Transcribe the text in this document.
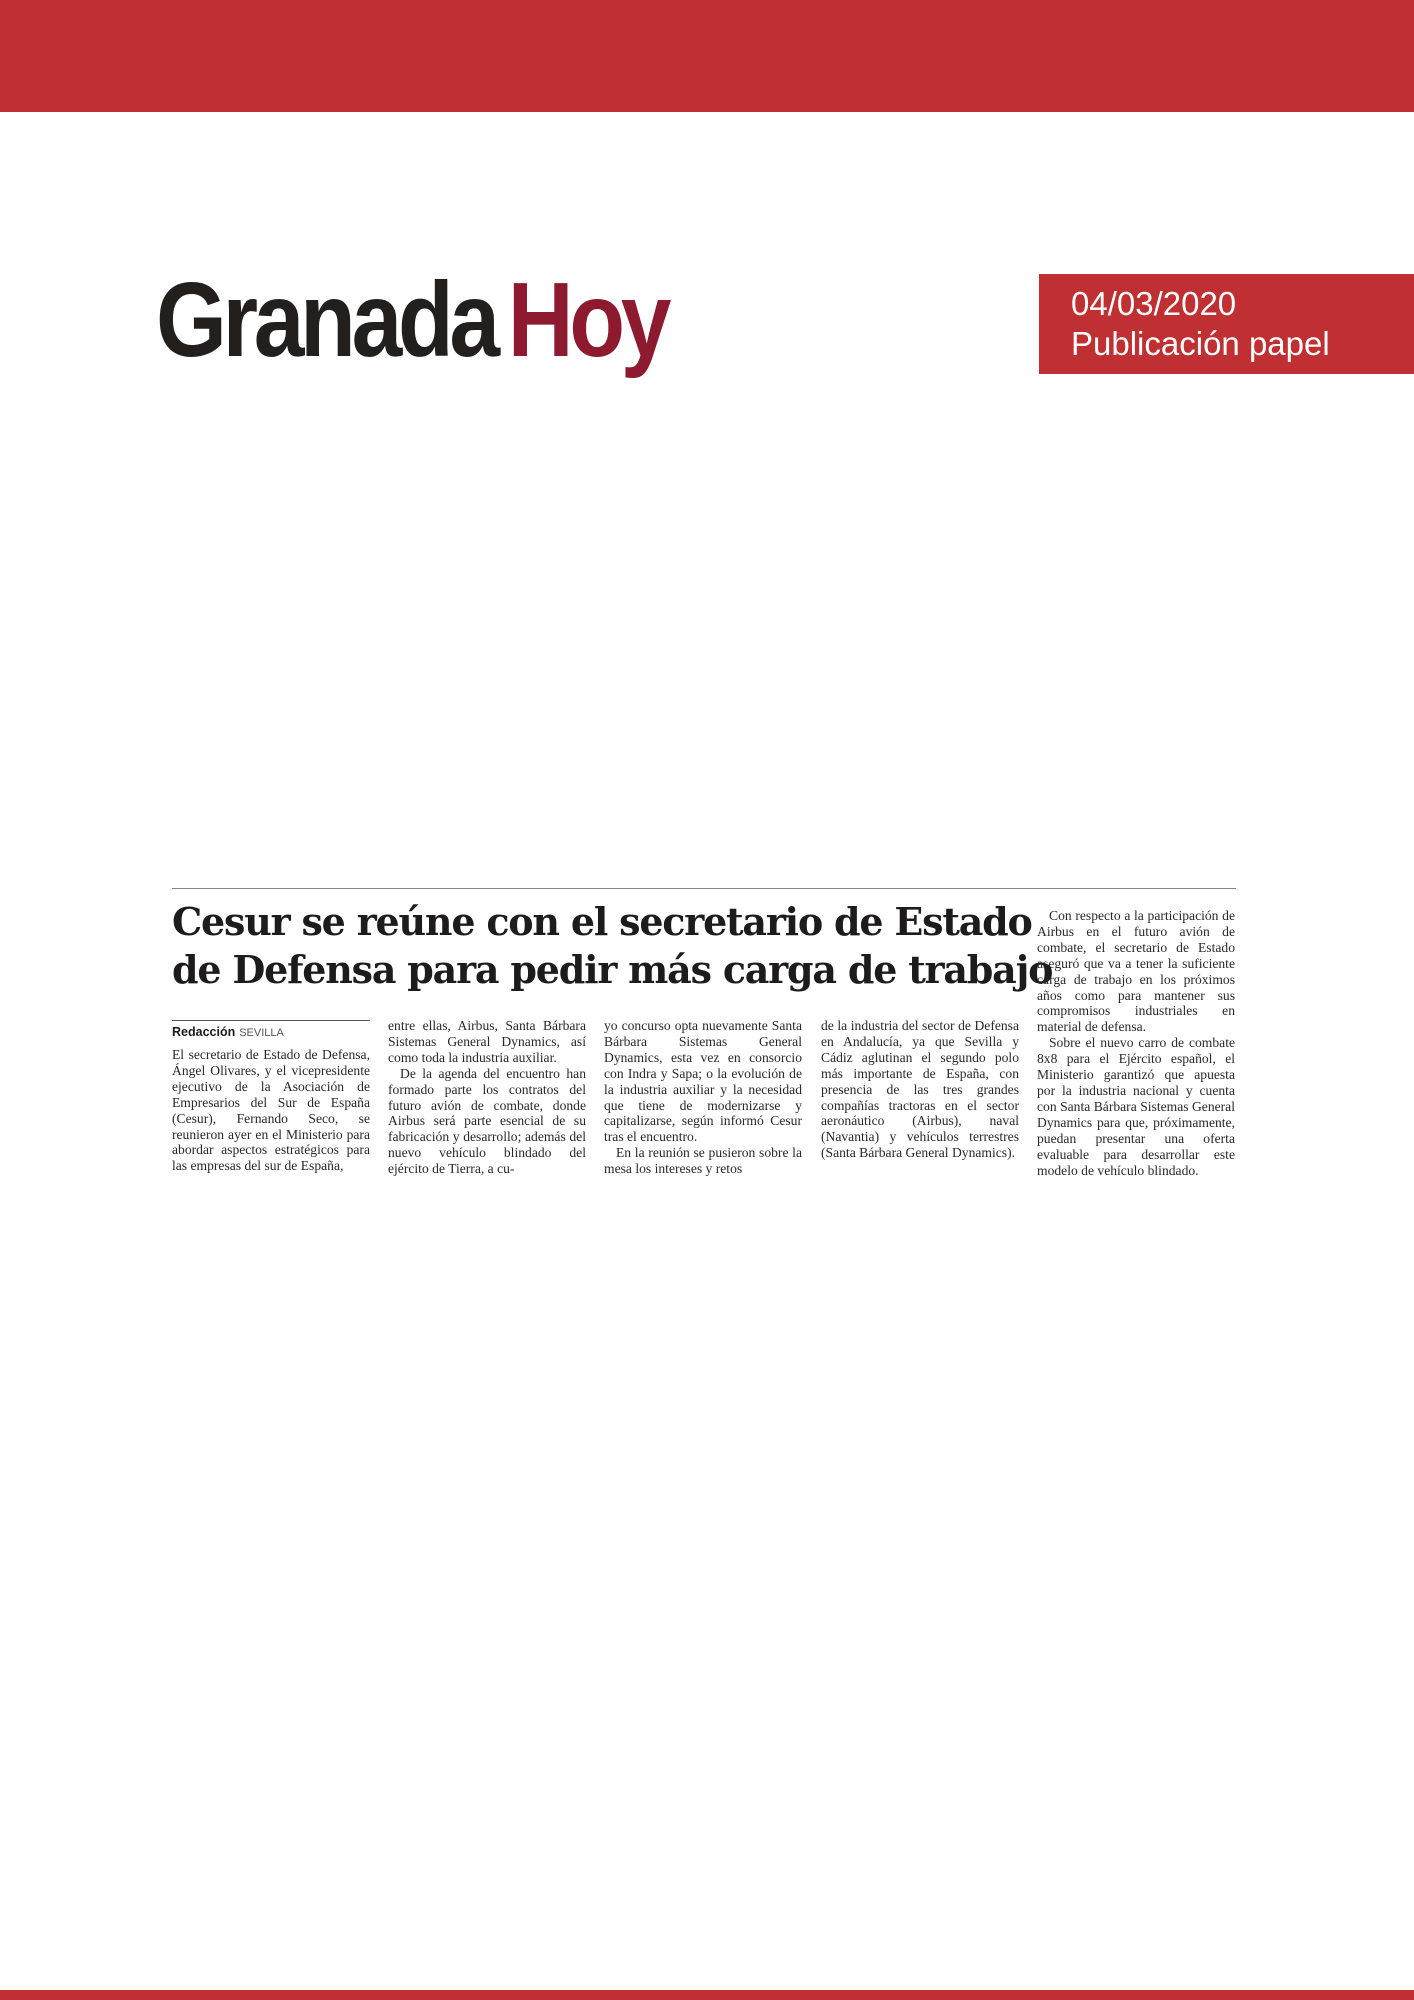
Granada Hoy	04/03/2020
Publicación papel
Cesur se reúne con el secretario de Estado
de Defensa para pedir más carga de trabajo
Redacción SEVILLA

El secretario de Estado de Defensa, Ángel Olivares, y el vicepresidente ejecutivo de la Asociación de Empresarios del Sur de España (Cesur), Fernando Seco, se reunieron ayer en el Ministerio para abordar aspectos estratégicos para las empresas del sur de España,

entre ellas, Airbus, Santa Bárbara Sistemas General Dynamics, así como toda la industria auxiliar.

De la agenda del encuentro han formado parte los contratos del futuro avión de combate, donde Airbus será parte esencial de su fabricación y desarrollo; además del nuevo vehículo blindado del ejército de Tierra, a cu-

yo concurso opta nuevamente Santa Bárbara Sistemas General Dynamics, esta vez en consorcio con Indra y Sapa; o la evolución de la industria auxiliar y la necesidad que tiene de modernizarse y capitalizarse, según informó Cesur tras el encuentro.

En la reunión se pusieron sobre la mesa los intereses y retos

de la industria del sector de Defensa en Andalucía, ya que Sevilla y Cádiz aglutinan el segundo polo más importante de España, con presencia de las tres grandes compañías tractoras en el sector aeronáutico (Airbus), naval (Navantia) y vehículos terrestres (Santa Bárbara General Dynamics).

Con respecto a la participación de Airbus en el futuro avión de combate, el secretario de Estado aseguró que va a tener la suficiente carga de trabajo en los próximos años como para mantener sus compromisos industriales en material de defensa.

Sobre el nuevo carro de combate 8x8 para el Ejército español, el Ministerio garantizó que apuesta por la industria nacional y cuenta con Santa Bárbara Sistemas General Dynamics para que, próximamente, puedan presentar una oferta evaluable para desarrollar este modelo de vehículo blindado.
